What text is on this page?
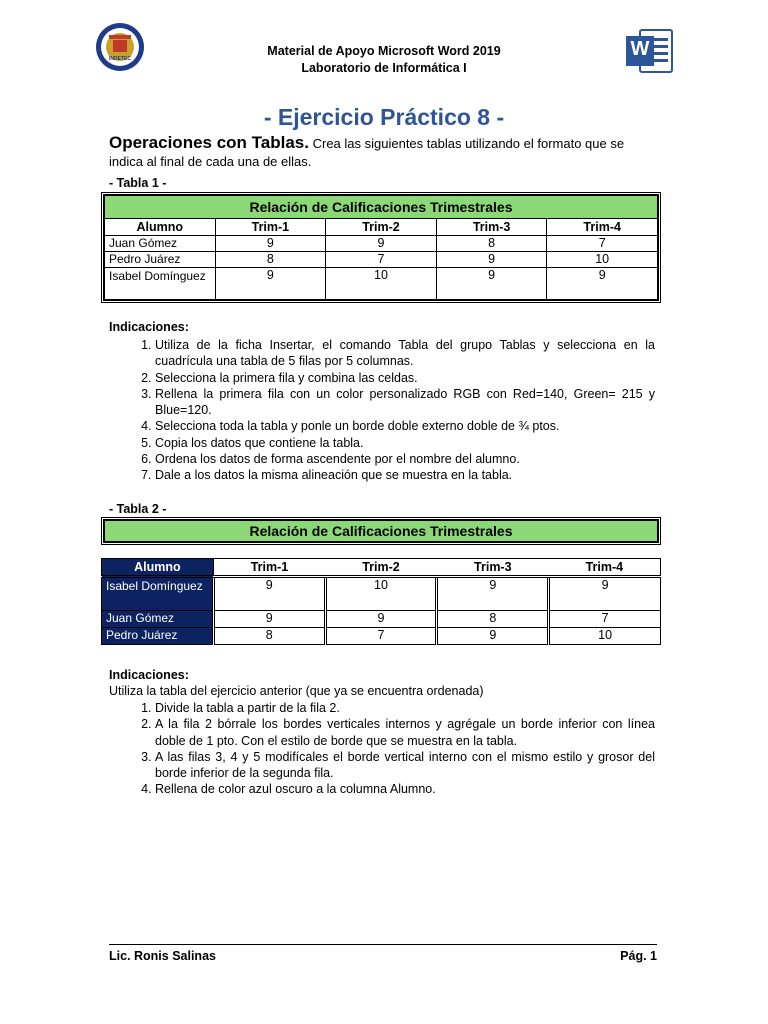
INDETEC
Material de Apoyo Microsoft Word 2019
Laboratorio de Informática I
W
- Ejercicio Práctico 8 -
Operaciones con Tablas. Crea las siguientes tablas utilizando el formato que se indica al final de cada una de ellas.
- Tabla 1 -
Relación de Calificaciones Trimestrales				
Alumno	Trim-1	Trim-2	Trim-3	Trim-4
Juan Gómez	9	9	8	7
Pedro Juárez	8	7	9	10
Isabel Domínguez	9	10	9	9
Indicaciones:
1. Utiliza de la ficha Insertar, el comando Tabla del grupo Tablas y selecciona en la cuadrícula una tabla de 5 filas por 5 columnas.
2. Selecciona la primera fila y combina las celdas.
3. Rellena la primera fila con un color personalizado RGB con Red=140, Green= 215 y Blue=120.
4. Selecciona toda la tabla y ponle un borde doble externo doble de ¾ ptos.
5. Copia los datos que contiene la tabla.
6. Ordena los datos de forma ascendente por el nombre del alumno.
7. Dale a los datos la misma alineación que se muestra en la tabla.
- Tabla 2 -
Relación de Calificaciones Trimestrales
Alumno	Trim-1	Trim-2	Trim-3	Trim-4
Isabel Domínguez	9	10	9	9
Juan Gómez	9	9	8	7
Pedro Juárez	8	7	9	10
Indicaciones:
Utiliza la tabla del ejercicio anterior (que ya se encuentra ordenada)
1. Divide la tabla a partir de la fila 2.
2. A la fila 2 bórrale los bordes verticales internos y agrégale un borde inferior con línea doble de 1 pto. Con el estilo de borde que se muestra en la tabla.
3. A las filas 3, 4 y 5 modifícales el borde vertical interno con el mismo estilo y grosor del borde inferior de la segunda fila.
4. Rellena de color azul oscuro a la columna Alumno.
Lic. Ronis Salinas	Pág. 1
